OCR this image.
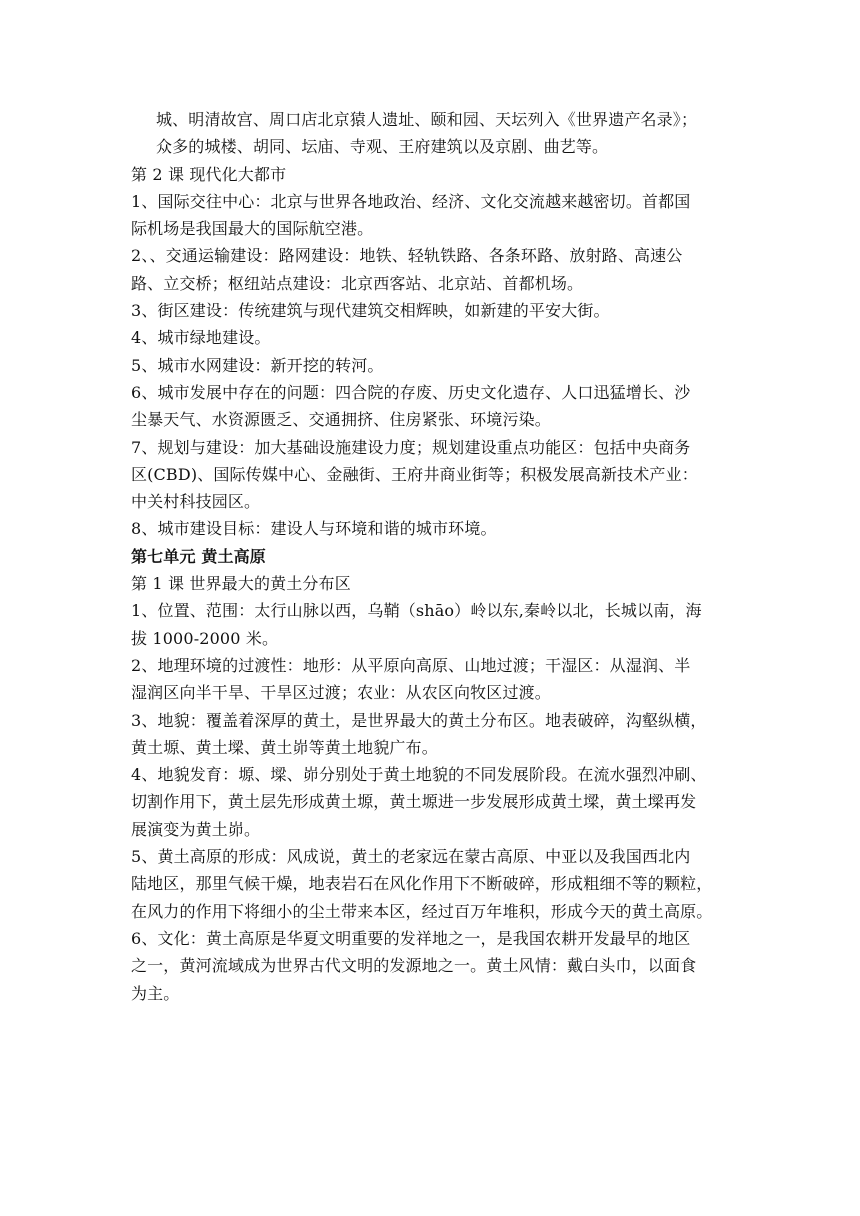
城、明清故宫、周口店北京猿人遗址、颐和园、天坛列入《世界遗产名录》；
众多的城楼、胡同、坛庙、寺观、王府建筑以及京剧、曲艺等。
第 2 课 现代化大都市
1、国际交往中心：北京与世界各地政治、经济、文化交流越来越密切。首都国
际机场是我国最大的国际航空港。
2、、交通运输建设：路网建设：地铁、轻轨铁路、各条环路、放射路、高速公
路、立交桥；枢纽站点建设：北京西客站、北京站、首都机场。
3、街区建设：传统建筑与现代建筑交相辉映，如新建的平安大街。
4、城市绿地建设。
5、城市水网建设：新开挖的转河。
6、城市发展中存在的问题：四合院的存废、历史文化遗存、人口迅猛增长、沙
尘暴天气、水资源匮乏、交通拥挤、住房紧张、环境污染。
7、规划与建设：加大基础设施建设力度；规划建设重点功能区：包括中央商务
区(CBD)、国际传媒中心、金融街、王府井商业街等；积极发展高新技术产业：
中关村科技园区。
8、城市建设目标：建设人与环境和谐的城市环境。
第七单元 黄土高原
第 1 课 世界最大的黄土分布区
1、位置、范围：太行山脉以西，乌鞘（shāo）岭以东,秦岭以北，长城以南，海
拔 1000-2000 米。
2、地理环境的过渡性：地形：从平原向高原、山地过渡；干湿区：从湿润、半
湿润区向半干旱、干旱区过渡；农业：从农区向牧区过渡。
3、地貌：覆盖着深厚的黄土，是世界最大的黄土分布区。地表破碎，沟壑纵横，
黄土塬、黄土墚、黄土峁等黄土地貌广布。
4、地貌发育：塬、墚、峁分别处于黄土地貌的不同发展阶段。在流水强烈冲刷、
切割作用下，黄土层先形成黄土塬，黄土塬进一步发展形成黄土墚，黄土墚再发
展演变为黄土峁。
5、黄土高原的形成：风成说，黄土的老家远在蒙古高原、中亚以及我国西北内
陆地区，那里气候干燥，地表岩石在风化作用下不断破碎，形成粗细不等的颗粒，
在风力的作用下将细小的尘土带来本区，经过百万年堆积，形成今天的黄土高原。
6、文化：黄土高原是华夏文明重要的发祥地之一，是我国农耕开发最早的地区
之一，黄河流域成为世界古代文明的发源地之一。黄土风情：戴白头巾，以面食
为主。
